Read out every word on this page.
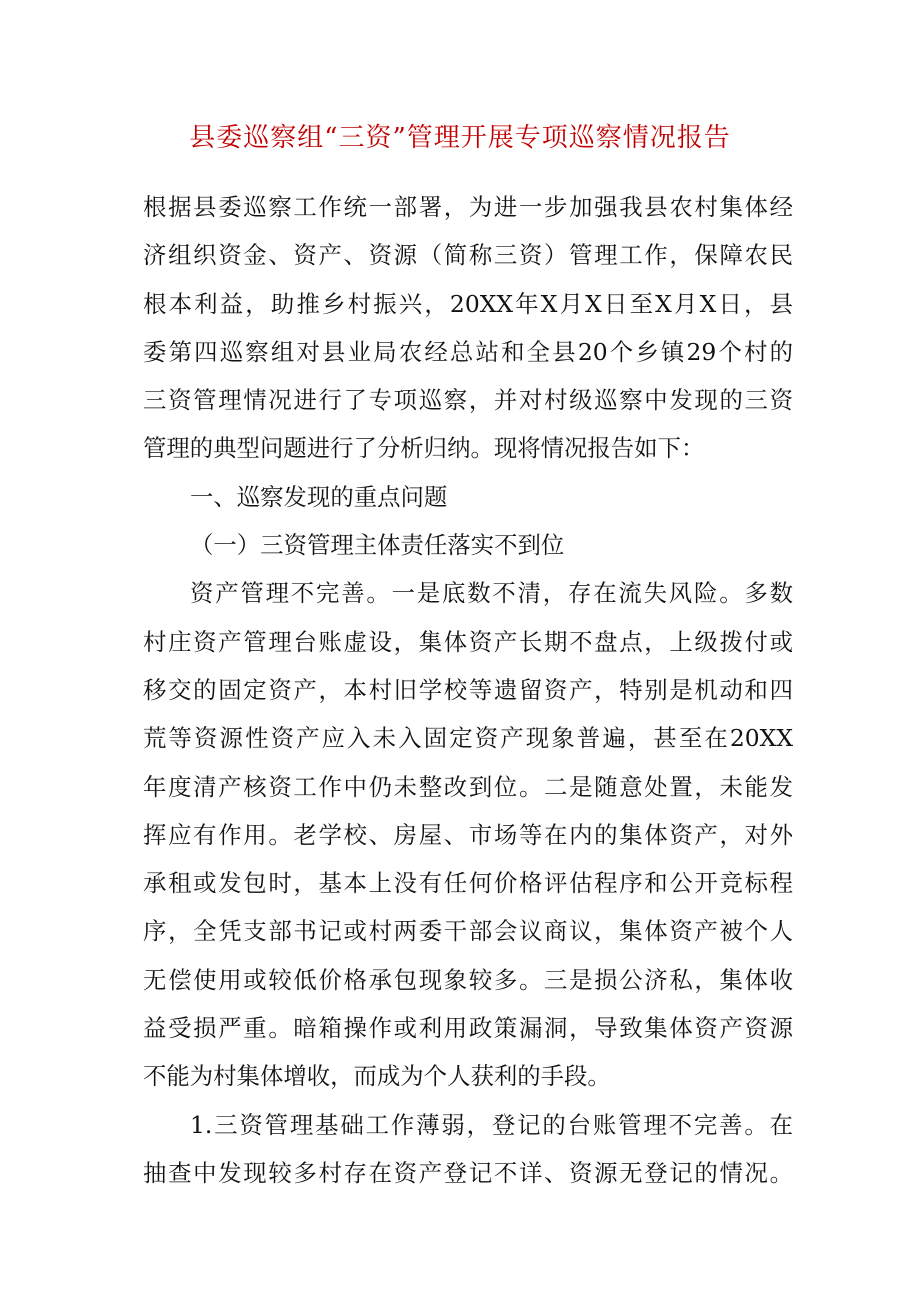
县委巡察组“三资”管理开展专项巡察情况报告
根据县委巡察工作统一部署，为进一步加强我县农村集体经
济组织资金、资产、资源（简称三资）管理工作，保障农民
根本利益，助推乡村振兴，20XX年X月X日至X月X日，县
委第四巡察组对县业局农经总站和全县20个乡镇29个村的
三资管理情况进行了专项巡察，并对村级巡察中发现的三资
管理的典型问题进行了分析归纳。现将情况报告如下：
一、巡察发现的重点问题
（一）三资管理主体责任落实不到位
资产管理不完善。一是底数不清，存在流失风险。多数
村庄资产管理台账虚设，集体资产长期不盘点，上级拨付或
移交的固定资产，本村旧学校等遗留资产，特别是机动和四
荒等资源性资产应入未入固定资产现象普遍，甚至在20XX
年度清产核资工作中仍未整改到位。二是随意处置，未能发
挥应有作用。老学校、房屋、市场等在内的集体资产，对外
承租或发包时，基本上没有任何价格评估程序和公开竞标程
序，全凭支部书记或村两委干部会议商议，集体资产被个人
无偿使用或较低价格承包现象较多。三是损公济私，集体收
益受损严重。暗箱操作或利用政策漏洞，导致集体资产资源
不能为村集体增收，而成为个人获利的手段。
1.三资管理基础工作薄弱，登记的台账管理不完善。在
抽查中发现较多村存在资产登记不详、资源无登记的情况。
